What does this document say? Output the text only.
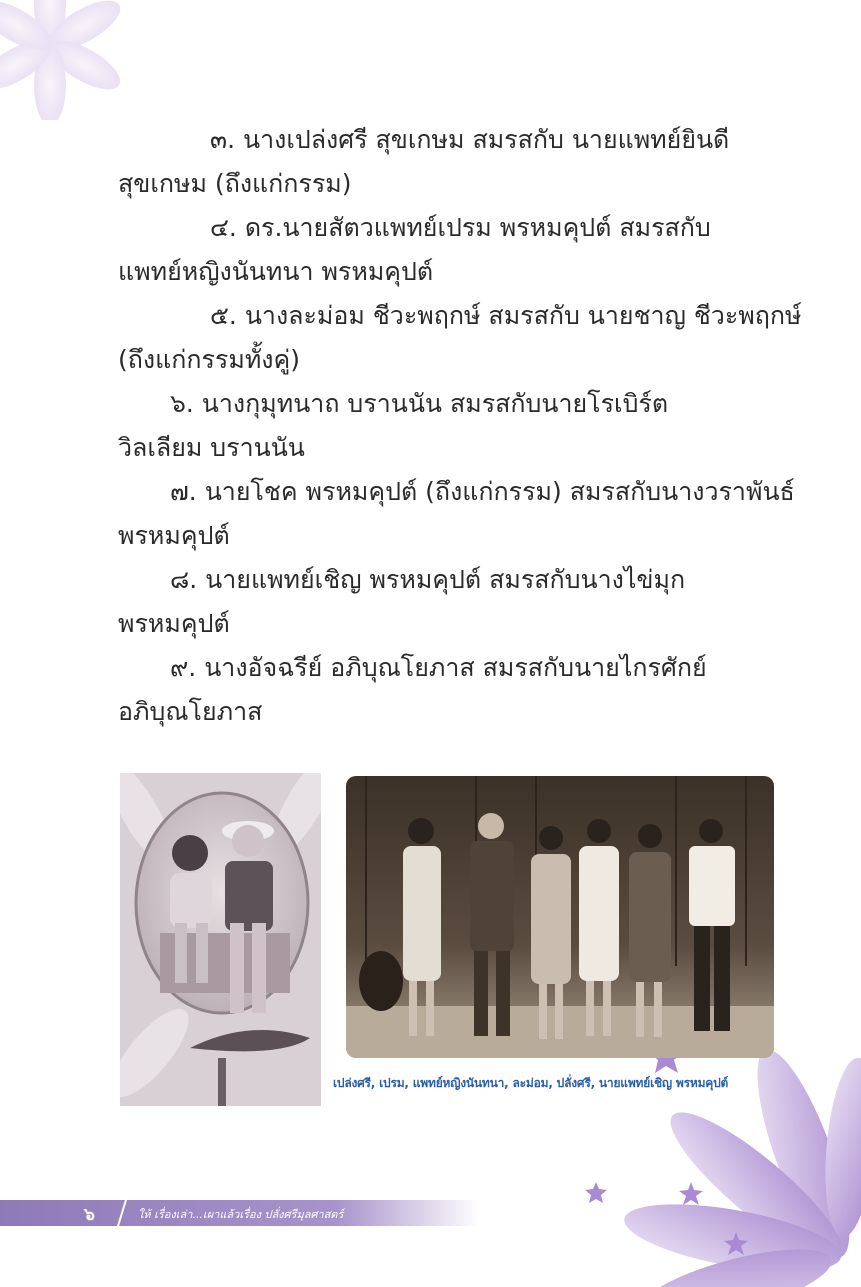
๓. นางเปล่งศรี สุขเกษม สมรสกับ นายแพทย์ยินดี
สุขเกษม (ถึงแก่กรรม)
๔. ดร.นายสัตวแพทย์เปรม พรหมคุปต์ สมรสกับ
แพทย์หญิงนันทนา พรหมคุปต์
๕. นางละม่อม ชีวะพฤกษ์ สมรสกับ นายชาญ ชีวะพฤกษ์
(ถึงแก่กรรมทั้งคู่)
๖. นางกุมุทนาถ บรานนัน สมรสกับนายโรเบิร์ต
วิลเลียม บรานนัน
๗. นายโชค พรหมคุปต์ (ถึงแก่กรรม) สมรสกับนางวราพันธ์
พรหมคุปต์
๘. นายแพทย์เชิญ พรหมคุปต์ สมรสกับนางไข่มุก
พรหมคุปต์
๙. นางอัจฉรีย์ อภิบุณโยภาส สมรสกับนายไกรศักย์
อภิบุณโยภาส
เปล่งศรี, เปรม, แพทย์หญิงนันทนา, ละม่อม, ปลั่งศรี, นายแพทย์เชิญ พรหมคุปต์
๖	ให้ เรื่องเล่า...เผาแล้วเรื่อง ปลั่งศรีมุลศาสตร์
